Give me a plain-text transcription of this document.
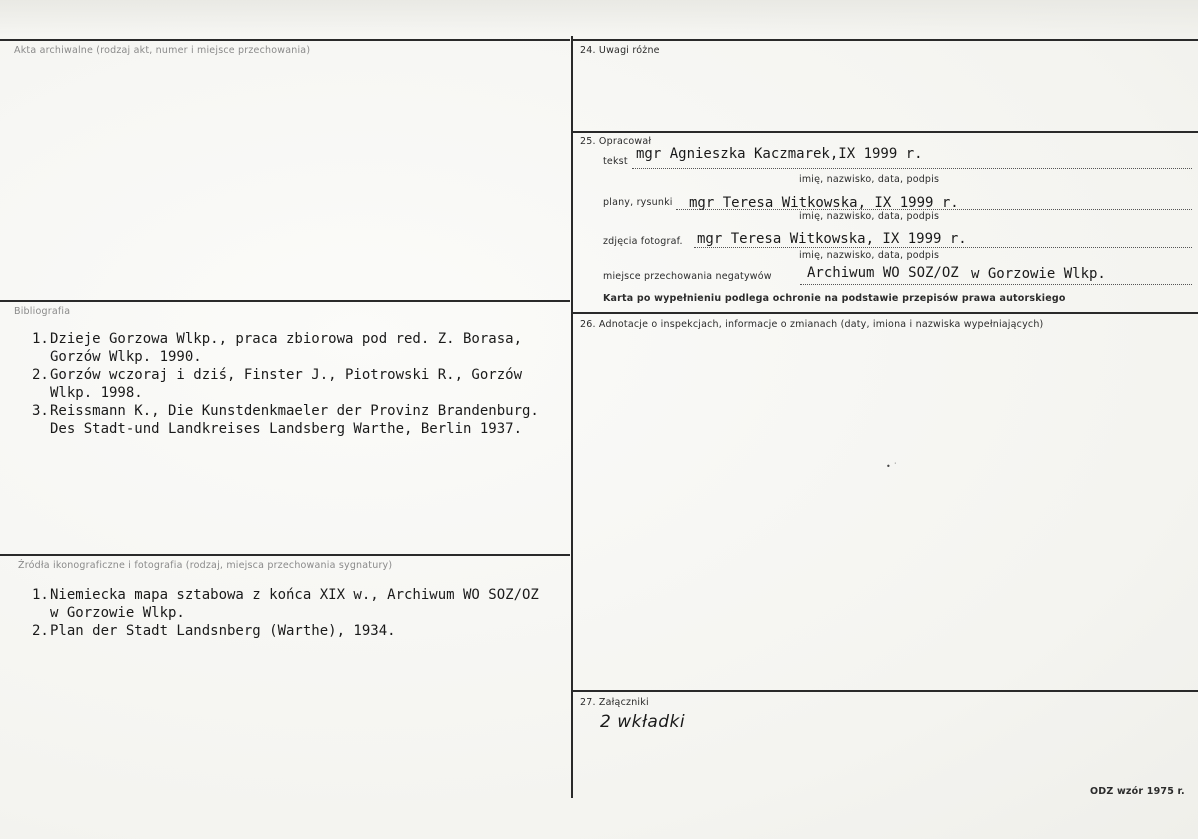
Akta archiwalne (rodzaj akt, numer i miejsce przechowania)
Bibliografia
1.Dzieje Gorzowa Wlkp., praca zbiorowa pod red. Z. Borasa,
Gorzów Wlkp. 1990.
2.Gorzów wczoraj i dziś, Finster J., Piotrowski R., Gorzów
Wlkp. 1998.
3.Reissmann K., Die Kunstdenkmaeler der Provinz Brandenburg.
Des Stadt-und Landkreises Landsberg Warthe, Berlin 1937.
Źródła ikonograficzne i fotografia (rodzaj, miejsca przechowania sygnatury)
1.Niemiecka mapa sztabowa z końca XIX w., Archiwum WO SOZ/OZ
w Gorzowie Wlkp.
2.Plan der Stadt Landsnberg (Warthe), 1934.
24. Uwagi różne
25. Opracował
tekst mgr Agnieszka Kaczmarek,IX 1999 r.
imię, nazwisko, data, podpis
plany, rysunki mgr Teresa Witkowska, IX 1999 r.
imię, nazwisko, data, podpis
zdjęcia fotograf. mgr Teresa Witkowska, IX 1999 r.
imię, nazwisko, data, podpis
miejsce przechowania negatywów	Archiwum WO SOZ/OZ w Gorzowie Wlkp.
Karta po wypełnieniu podlega ochronie na podstawie przepisów prawa autorskiego
26. Adnotacje o inspekcjach, informacje o zmianach (daty, imiona i nazwiska wypełniających)
• ˙
27. Załączniki
2 wkładki
ODZ wzór 1975 r.
